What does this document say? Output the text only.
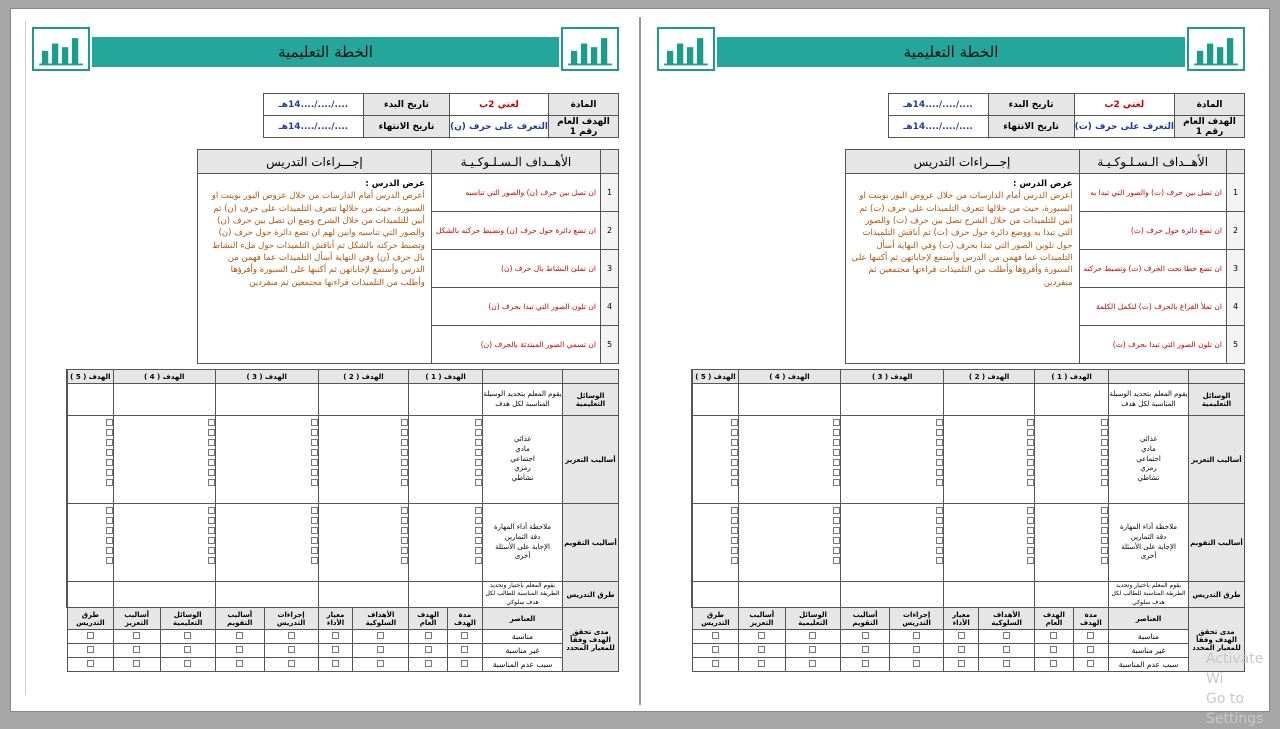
الخطة التعليمية
المادة	لغتي 2ب	تاريخ البدء	..../..../....14هـ
الهدف العام رقم 1	التعرف على حرف (ن)	تاريخ الانتهاء	..../..../....14هـ
	الأهــداف الـسـلـوكـيـة	إجـــراءات التدريس
1	ان تصل بين حرف (ن) والصور التي تناسبه	عرض الدرس :
أعرض الدرس أمام الدارسات من خلال عروض البور بوينت او السبورة، حيث من خلالها تتعرف التلميذات على حرف (ن) ثم أبين للتلميذات من خلال الشرح وضع ان تصل بين حرف (ن) والصور التي تناسبه وابين لهم ان تضع دائرة حول حرف (ن) وتضبط حركته بالشكل ثم أناقش التلميذات حول ملء النشاط بال حرف (ن) وفي النهاية أسأل التلميذات عما فهمن من الدرس وأستمع لإجاباتهن ثم أكتبها على السبورة وأقرؤها وأطلب من التلميذات قراءتها مجتمعين ثم منفردين
2	ان تضع دائرة حول حرف (ن) وتضبط حركته بالشكل	
3	ان تملئ النشاط بال حرف (ن)	
4	ان تلون الصور التي تبدا بحرف (ن)	
5	ان تسمي الصور المبتدئة بالحرف (ن)	
		الهدف ( 1 )		الهدف ( 2 )		الهدف ( 3 )		الهدف ( 4 )		الهدف ( 5 )	
الوسائل التعليمية	يقوم المعلم بتحديد الوسيلة المناسبة لكل هدف										
أساليب التعزيز	غذائي
مادي
اجتماعي
رمزي
نشاطي										

أساليب التقويم	ملاحظة أداء المهارة
دقة التمارين
الإجابة على الأسئلة
أخرى										

طرق التدريس	يقوم المعلم باختيار وتحديد الطريقة المناسبة للطالب لكل هدف سلوكي										
مدى تحقق الهدف وفقاً للمعيار المحدد	العناصر	مدة الهدف	الهدف العام	الأهداف السلوكية	معيار الأداء	إجراءات التدريس	أساليب التقويم	الوسائل التعليمية	أساليب التعزيز	طرق التدريس	
	مناسبة										
	غير مناسبة										
	سبب عدم المناسبة										
الخطة التعليمية
المادة	لغتي 2ب	تاريخ البدء	..../..../....14هـ
الهدف العام رقم 1	التعرف على حرف (ت)	تاريخ الانتهاء	..../..../....14هـ
	الأهــداف الـسـلـوكـيـة	إجـــراءات التدريس
1	ان تصل بين حرف (ت) والصور التي تبدا به	عرض الدرس :
أعرض الدرس أمام الدارسات من خلال عروض البور بوينت او السبورة، حيث من خلالها تتعرف التلميذات على حرف (ت) ثم أبين للتلميذات من خلال الشرح تصل بين حرف (ت) والصور التي تبدا به ووضع دائرة حول حرف (ت) ثم أناقش التلميذات حول تلوين الصور التي تبدا بحرف (ت) وفي النهاية أسأل التلميذات عما فهمن من الدرس وأستمع لإجاباتهن ثم أكتبها على السبورة وأقرؤها وأطلب من التلميذات قراءتها مجتمعين ثم منفردين
2	ان تضع دائرة حول حرف (ت)	
3	ان تضع خطا تحت الحرف (ت) وتضبط حركته	
4	ان تملأ الفراغ بالحرف (ت) لتكمل الكلمة	
5	ان تلون الصور التي تبدا بحرف (ت)	
		الهدف ( 1 )		الهدف ( 2 )		الهدف ( 3 )		الهدف ( 4 )		الهدف ( 5 )	
الوسائل التعليمية	يقوم المعلم بتحديد الوسيلة المناسبة لكل هدف										
أساليب التعزيز	غذائي
مادي
اجتماعي
رمزي
نشاطي										

أساليب التقويم	ملاحظة أداء المهارة
دقة التمارين
الإجابة على الأسئلة
أخرى										

طرق التدريس	يقوم المعلم باختيار وتحديد الطريقة المناسبة للطالب لكل هدف سلوكي										
مدى تحقق الهدف وفقاً للمعيار المحدد	العناصر	مدة الهدف	الهدف العام	الأهداف السلوكية	معيار الأداء	إجراءات التدريس	أساليب التقويم	الوسائل التعليمية	أساليب التعزيز	طرق التدريس	
	مناسبة										
	غير مناسبة										
	سبب عدم المناسبة										Activate Wi
Go to Settings
